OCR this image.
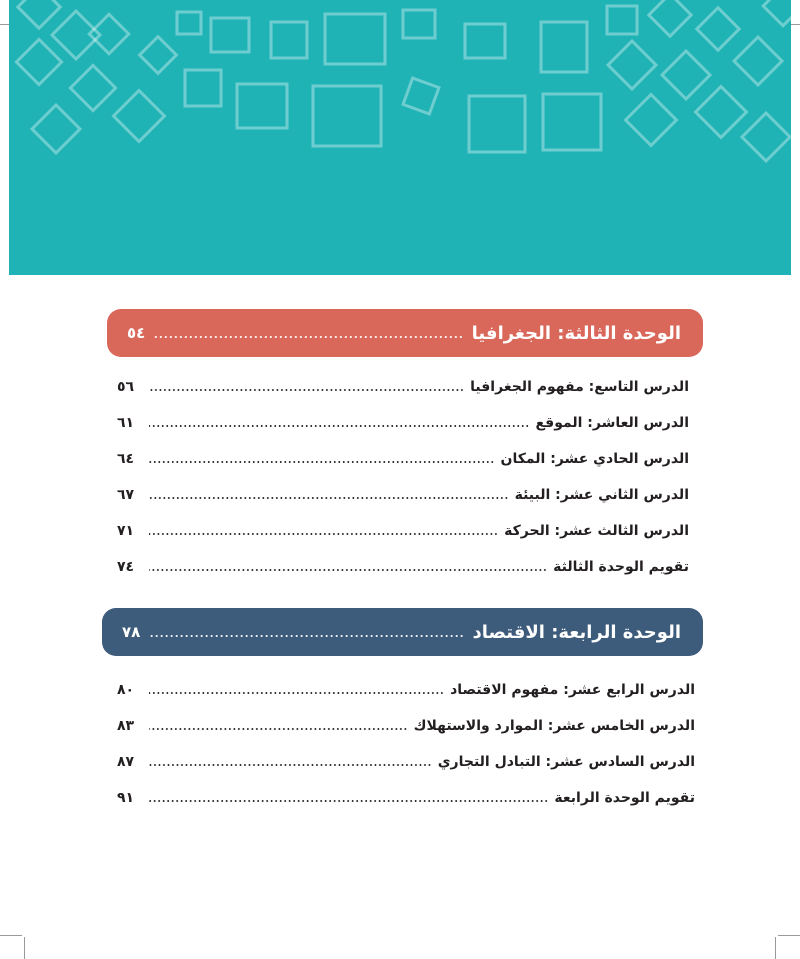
الوحدة الثالثة: الجغرافيا
٥٤
الدرس التاسع: مفهوم الجغرافيا
٥٦
الدرس العاشر: الموقع
٦١
الدرس الحادي عشر: المكان
٦٤
الدرس الثاني عشر: البيئة
٦٧
الدرس الثالث عشر: الحركة
٧١
تقويم الوحدة الثالثة
٧٤
الوحدة الرابعة: الاقتصاد
٧٨
الدرس الرابع عشر: مفهوم الاقتصاد
٨٠
الدرس الخامس عشر: الموارد والاستهلاك
٨٣
الدرس السادس عشر: التبادل التجاري
٨٧
تقويم الوحدة الرابعة
٩١
